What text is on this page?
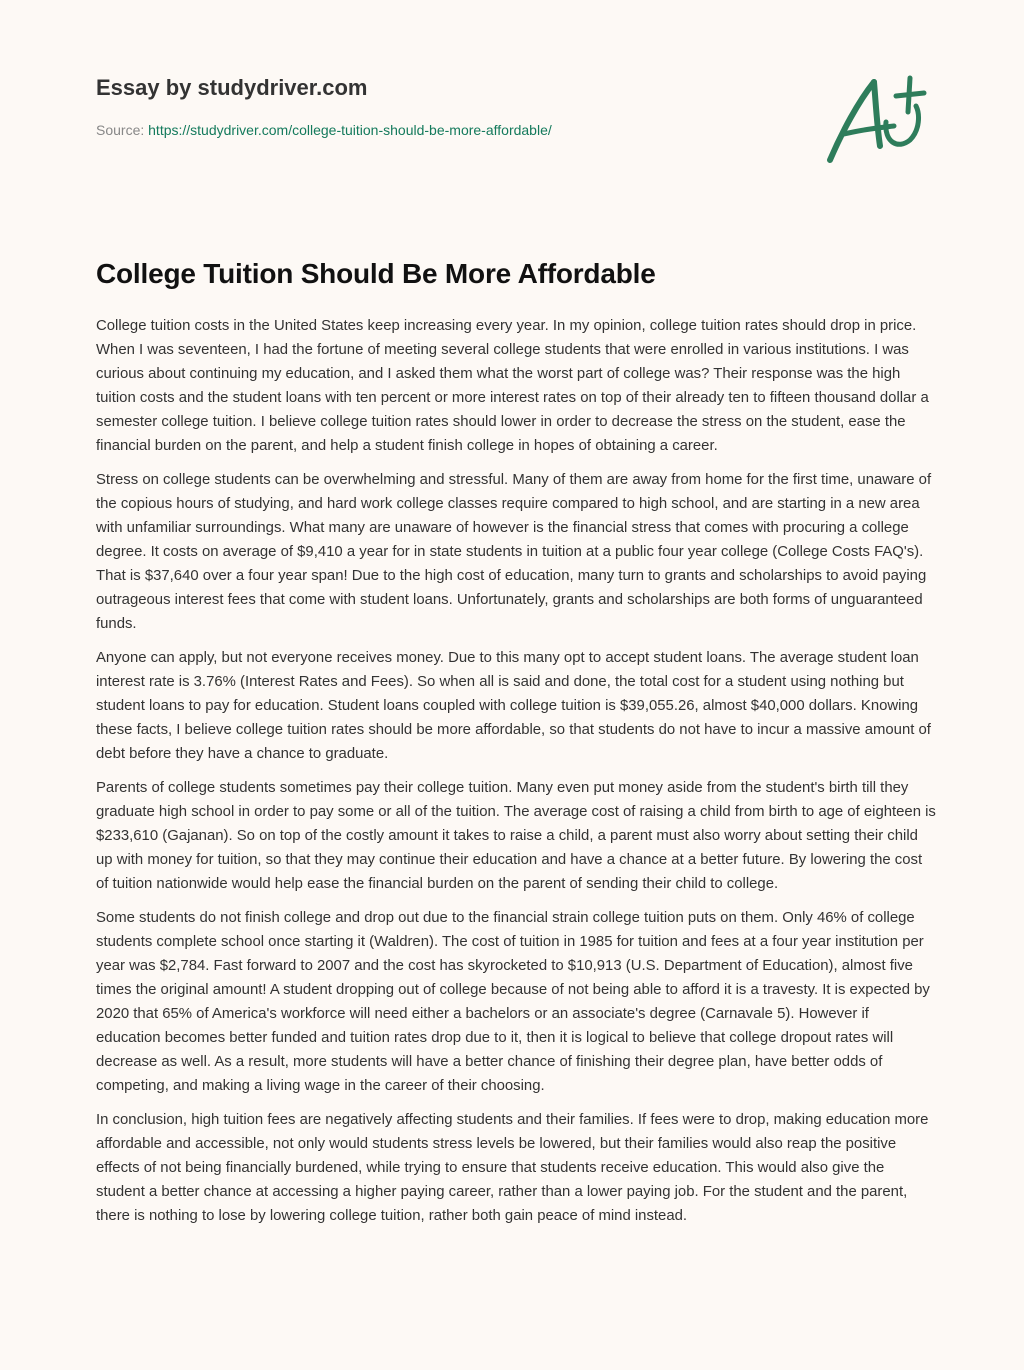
Essay by studydriver.com
Source: https://studydriver.com/college-tuition-should-be-more-affordable/
College Tuition Should Be More Affordable

College tuition costs in the United States keep increasing every year. In my opinion, college tuition rates should drop in price. When I was seventeen, I had the fortune of meeting several college students that were enrolled in various institutions. I was curious about continuing my education, and I asked them what the worst part of college was? Their response was the high tuition costs and the student loans with ten percent or more interest rates on top of their already ten to fifteen thousand dollar a semester college tuition. I believe college tuition rates should lower in order to decrease the stress on the student, ease the financial burden on the parent, and help a student finish college in hopes of obtaining a career.

Stress on college students can be overwhelming and stressful. Many of them are away from home for the first time, unaware of the copious hours of studying, and hard work college classes require compared to high school, and are starting in a new area with unfamiliar surroundings. What many are unaware of however is the financial stress that comes with procuring a college degree. It costs on average of $9,410 a year for in state students in tuition at a public four year college (College Costs FAQ's). That is $37,640 over a four year span! Due to the high cost of education, many turn to grants and scholarships to avoid paying outrageous interest fees that come with student loans. Unfortunately, grants and scholarships are both forms of unguaranteed funds.

Anyone can apply, but not everyone receives money. Due to this many opt to accept student loans. The average student loan interest rate is 3.76% (Interest Rates and Fees). So when all is said and done, the total cost for a student using nothing but student loans to pay for education. Student loans coupled with college tuition is $39,055.26, almost $40,000 dollars. Knowing these facts, I believe college tuition rates should be more affordable, so that students do not have to incur a massive amount of debt before they have a chance to graduate.

Parents of college students sometimes pay their college tuition. Many even put money aside from the student's birth till they graduate high school in order to pay some or all of the tuition. The average cost of raising a child from birth to age of eighteen is $233,610 (Gajanan). So on top of the costly amount it takes to raise a child, a parent must also worry about setting their child up with money for tuition, so that they may continue their education and have a chance at a better future. By lowering the cost of tuition nationwide would help ease the financial burden on the parent of sending their child to college.

Some students do not finish college and drop out due to the financial strain college tuition puts on them. Only 46% of college students complete school once starting it (Waldren). The cost of tuition in 1985 for tuition and fees at a four year institution per year was $2,784. Fast forward to 2007 and the cost has skyrocketed to $10,913 (U.S. Department of Education), almost five times the original amount! A student dropping out of college because of not being able to afford it is a travesty. It is expected by 2020 that 65% of America's workforce will need either a bachelors or an associate's degree (Carnavale 5). However if education becomes better funded and tuition rates drop due to it, then it is logical to believe that college dropout rates will decrease as well. As a result, more students will have a better chance of finishing their degree plan, have better odds of competing, and making a living wage in the career of their choosing.

In conclusion, high tuition fees are negatively affecting students and their families. If fees were to drop, making education more affordable and accessible, not only would students stress levels be lowered, but their families would also reap the positive effects of not being financially burdened, while trying to ensure that students receive education. This would also give the student a better chance at accessing a higher paying career, rather than a lower paying job. For the student and the parent, there is nothing to lose by lowering college tuition, rather both gain peace of mind instead.
